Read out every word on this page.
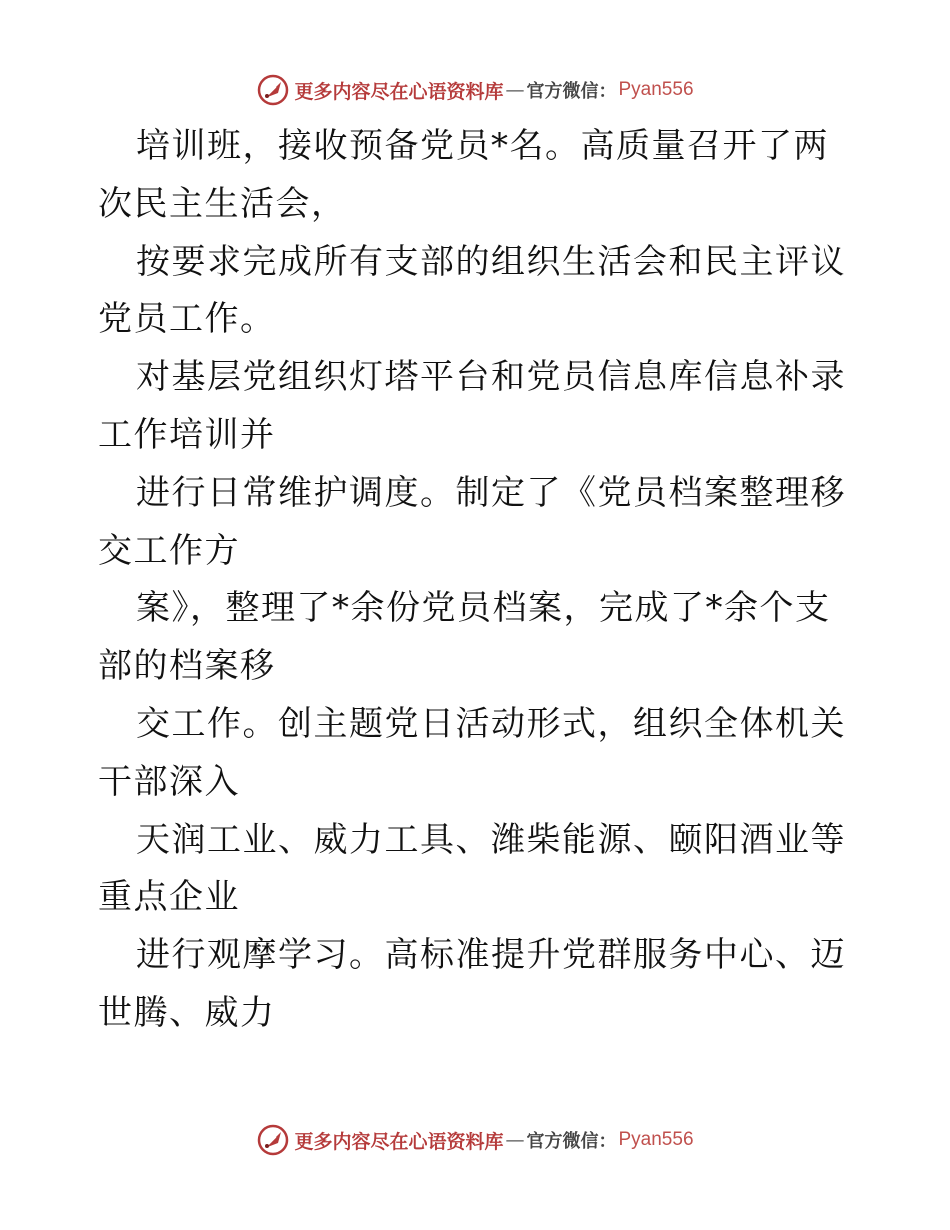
更多内容尽在心语资料库 — 官方微信： Pyan556

培训班，接收预备党员*名。高质量召开了两次民主生活会，

按要求完成所有支部的组织生活会和民主评议党员工作。

对基层党组织灯塔平台和党员信息库信息补录工作培训并

进行日常维护调度。制定了《党员档案整理移交工作方

案》，整理了*余份党员档案，完成了*余个支部的档案移

交工作。创主题党日活动形式，组织全体机关干部深入

天润工业、威力工具、潍柴能源、颐阳酒业等重点企业

进行观摩学习。高标准提升党群服务中心、迈世腾、威力

更多内容尽在心语资料库 — 官方微信： Pyan556
